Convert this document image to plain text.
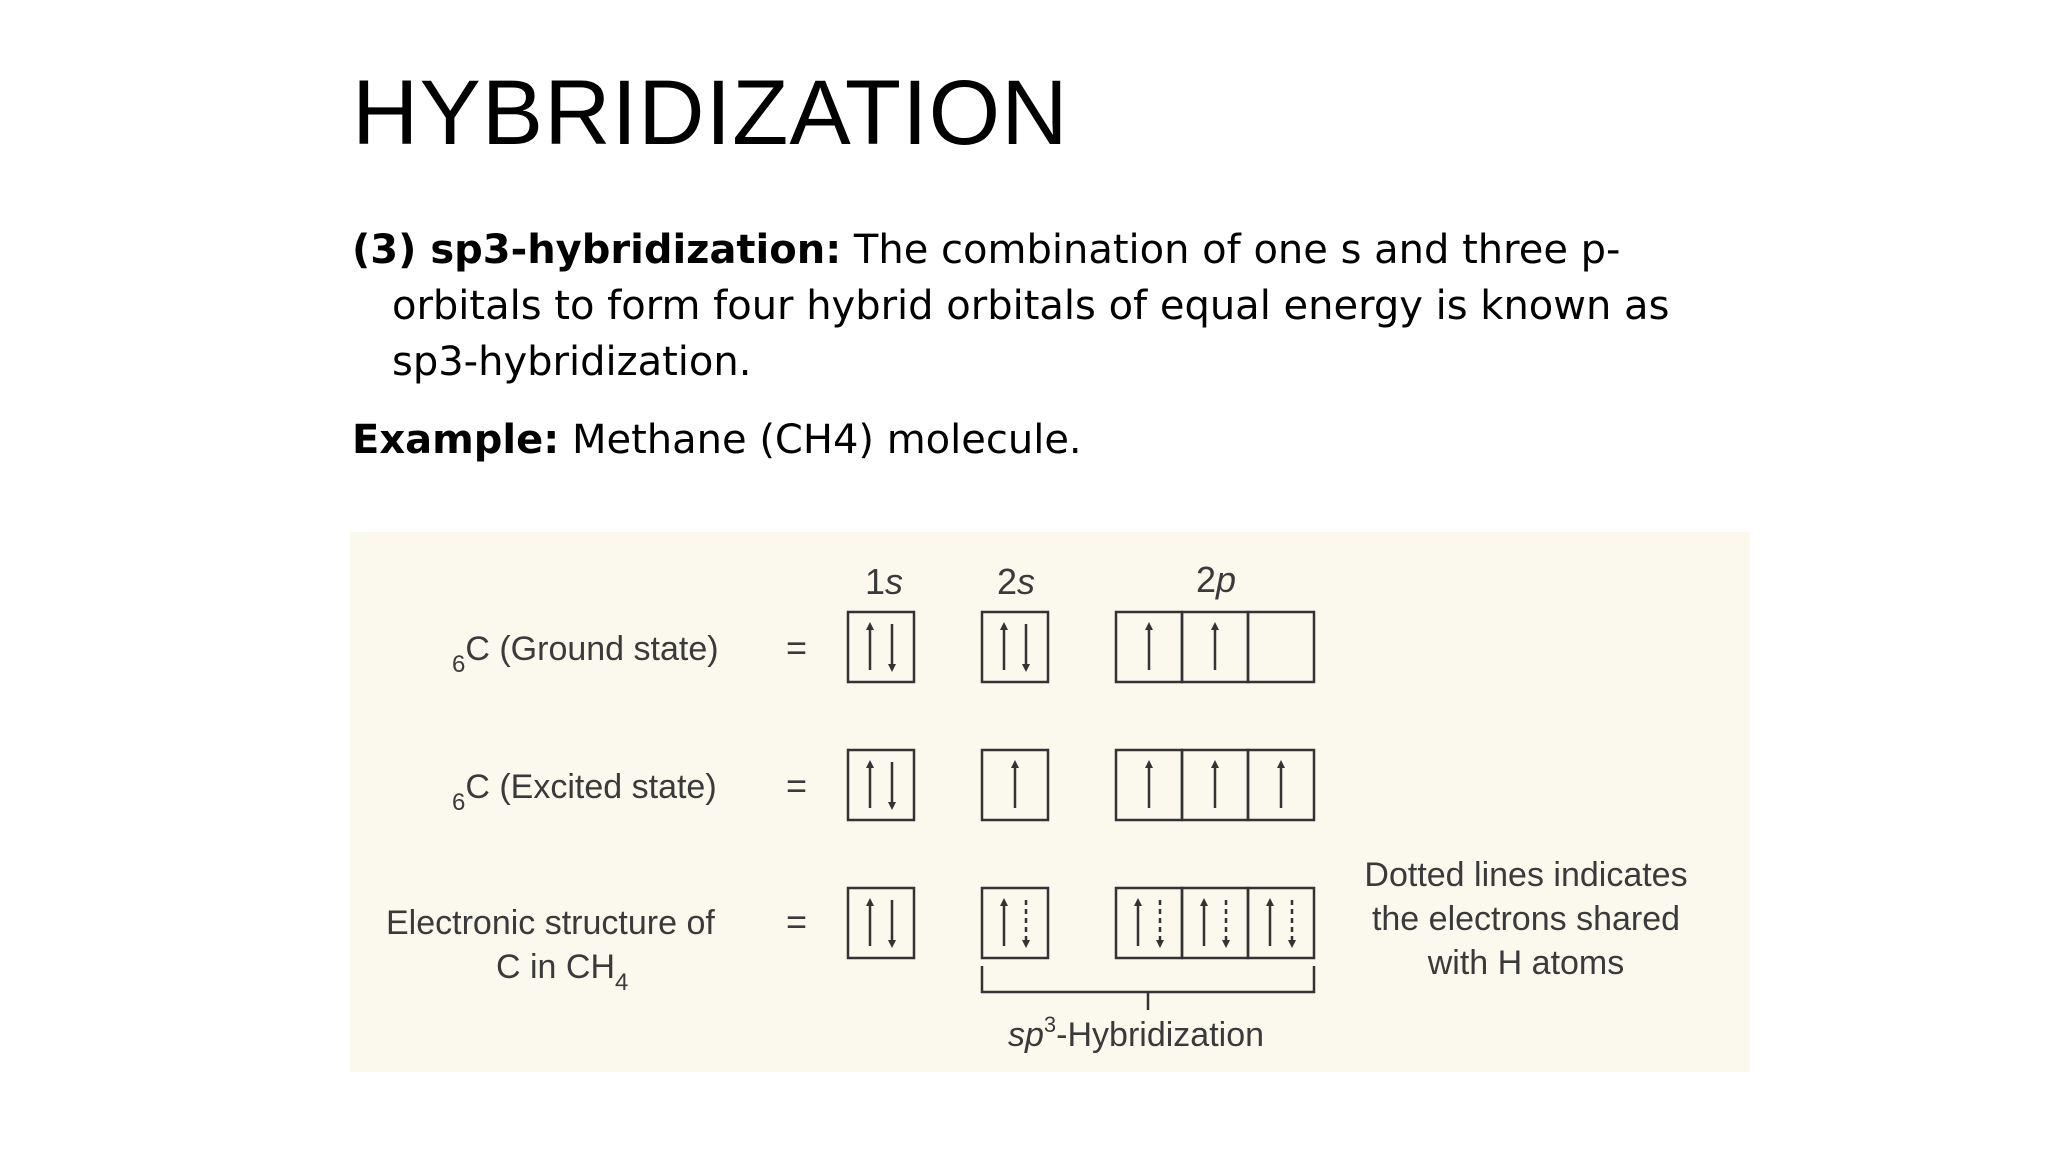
HYBRIDIZATION

(3) sp3-hybridization: The combination of one s and three p-orbitals to form four hybrid orbitals of equal energy is known as sp3-hybridization.

Example: Methane (CH4) molecule.

1s	2s	2p
$_6$C (Ground state) =
$_6$C (Excited state) =
Electronic structure of
C in $CH_4$
=
$sp^3$-Hybridization
Dotted lines indicates
the electrons shared
with H atoms
